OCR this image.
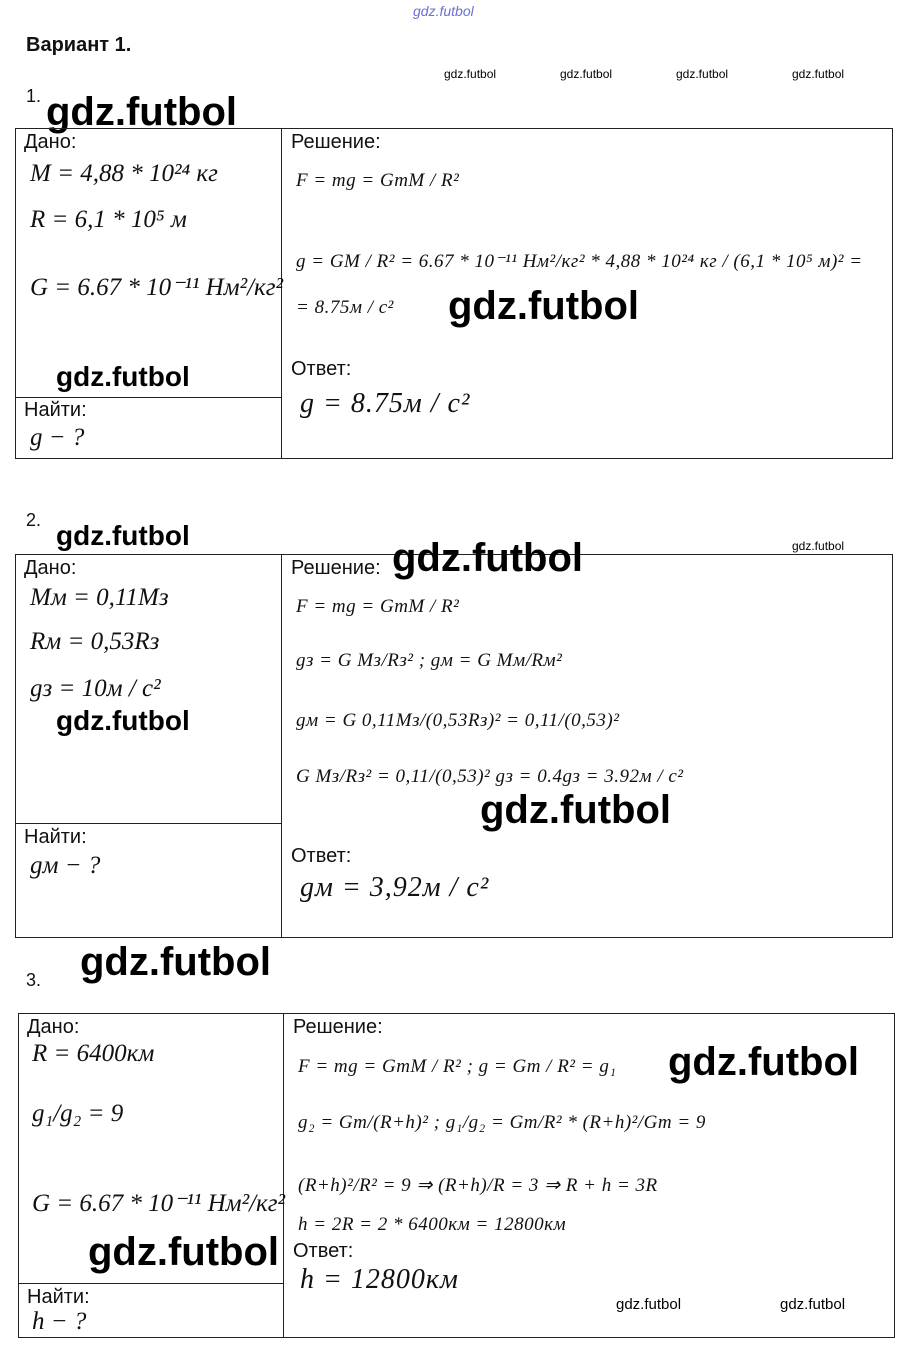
gdz.futbol
Вариант 1.
gdz.futbol	gdz.futbol	gdz.futbol	gdz.futbol
1. gdz.futbol
Дано:	Решение:
Найти:
Ответ:
M = 4,88 * 10²⁴ кг
R = 6,1 * 10⁵ м
G = 6.67 * 10⁻¹¹ Нм²/кг²
gdz.futbol
g − ?
F = mg = GmM / R²
g = GM / R² = 6.67 * 10⁻¹¹ Нм²/кг² * 4,88 * 10²⁴ кг / (6,1 * 10⁵ м)² =
= 8.75м / с² gdz.futbol
g = 8.75м / с²
2. gdz.futbol	gdz.futbol
Дано:	Решение: gdz.futbol
Найти:
Ответ:
Mм = 0,11Mз
Rм = 0,53Rз
gз = 10м / с²
gdz.futbol
gм − ?
F = mg = GmM / R²
gз = G Mз/Rз² ; gм = G Mм/Rм²
gм = G 0,11Mз/(0,53Rз)² = 0,11/(0,53)²
G Mз/Rз² = 0,11/(0,53)² gз = 0.4gз = 3.92м / с²
gdz.futbol
gм = 3,92м / с²
3. gdz.futbol
Дано:	Решение:
Найти:
Ответ:
R = 6400км
g₁/g₂ = 9
G = 6.67 * 10⁻¹¹ Нм²/кг²
gdz.futbol
h − ?
F = mg = GmM / R² ; g = Gm / R² = g₁ gdz.futbol
g₂ = Gm/(R+h)² ; g₁/g₂ = Gm/R² * (R+h)²/Gm = 9
(R+h)²/R² = 9 ⇒ (R+h)/R = 3 ⇒ R + h = 3R
h = 2R = 2 * 6400км = 12800км
h = 12800км
gdz.futbol	gdz.futbol
